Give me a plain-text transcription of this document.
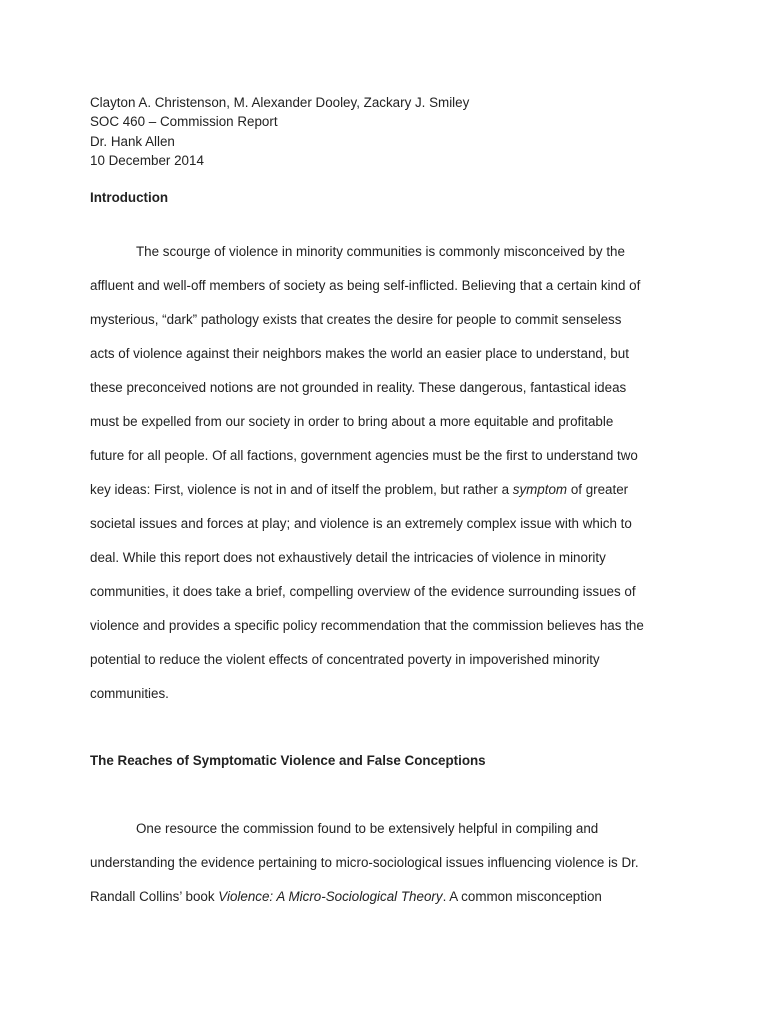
Clayton A. Christenson, M. Alexander Dooley, Zackary J. Smiley
SOC 460 – Commission Report
Dr. Hank Allen
10 December 2014
Introduction
The scourge of violence in minority communities is commonly misconceived by the
affluent and well-off members of society as being self-inflicted. Believing that a certain kind of
mysterious, “dark” pathology exists that creates the desire for people to commit senseless
acts of violence against their neighbors makes the world an easier place to understand, but
these preconceived notions are not grounded in reality. These dangerous, fantastical ideas
must be expelled from our society in order to bring about a more equitable and profitable
future for all people. Of all factions, government agencies must be the first to understand two
key ideas: First, violence is not in and of itself the problem, but rather a symptom of greater
societal issues and forces at play; and violence is an extremely complex issue with which to
deal. While this report does not exhaustively detail the intricacies of violence in minority
communities, it does take a brief, compelling overview of the evidence surrounding issues of
violence and provides a specific policy recommendation that the commission believes has the
potential to reduce the violent effects of concentrated poverty in impoverished minority
communities.
The Reaches of Symptomatic Violence and False Conceptions
One resource the commission found to be extensively helpful in compiling and
understanding the evidence pertaining to micro-sociological issues influencing violence is Dr.
Randall Collins’ book Violence: A Micro-Sociological Theory. A common misconception
